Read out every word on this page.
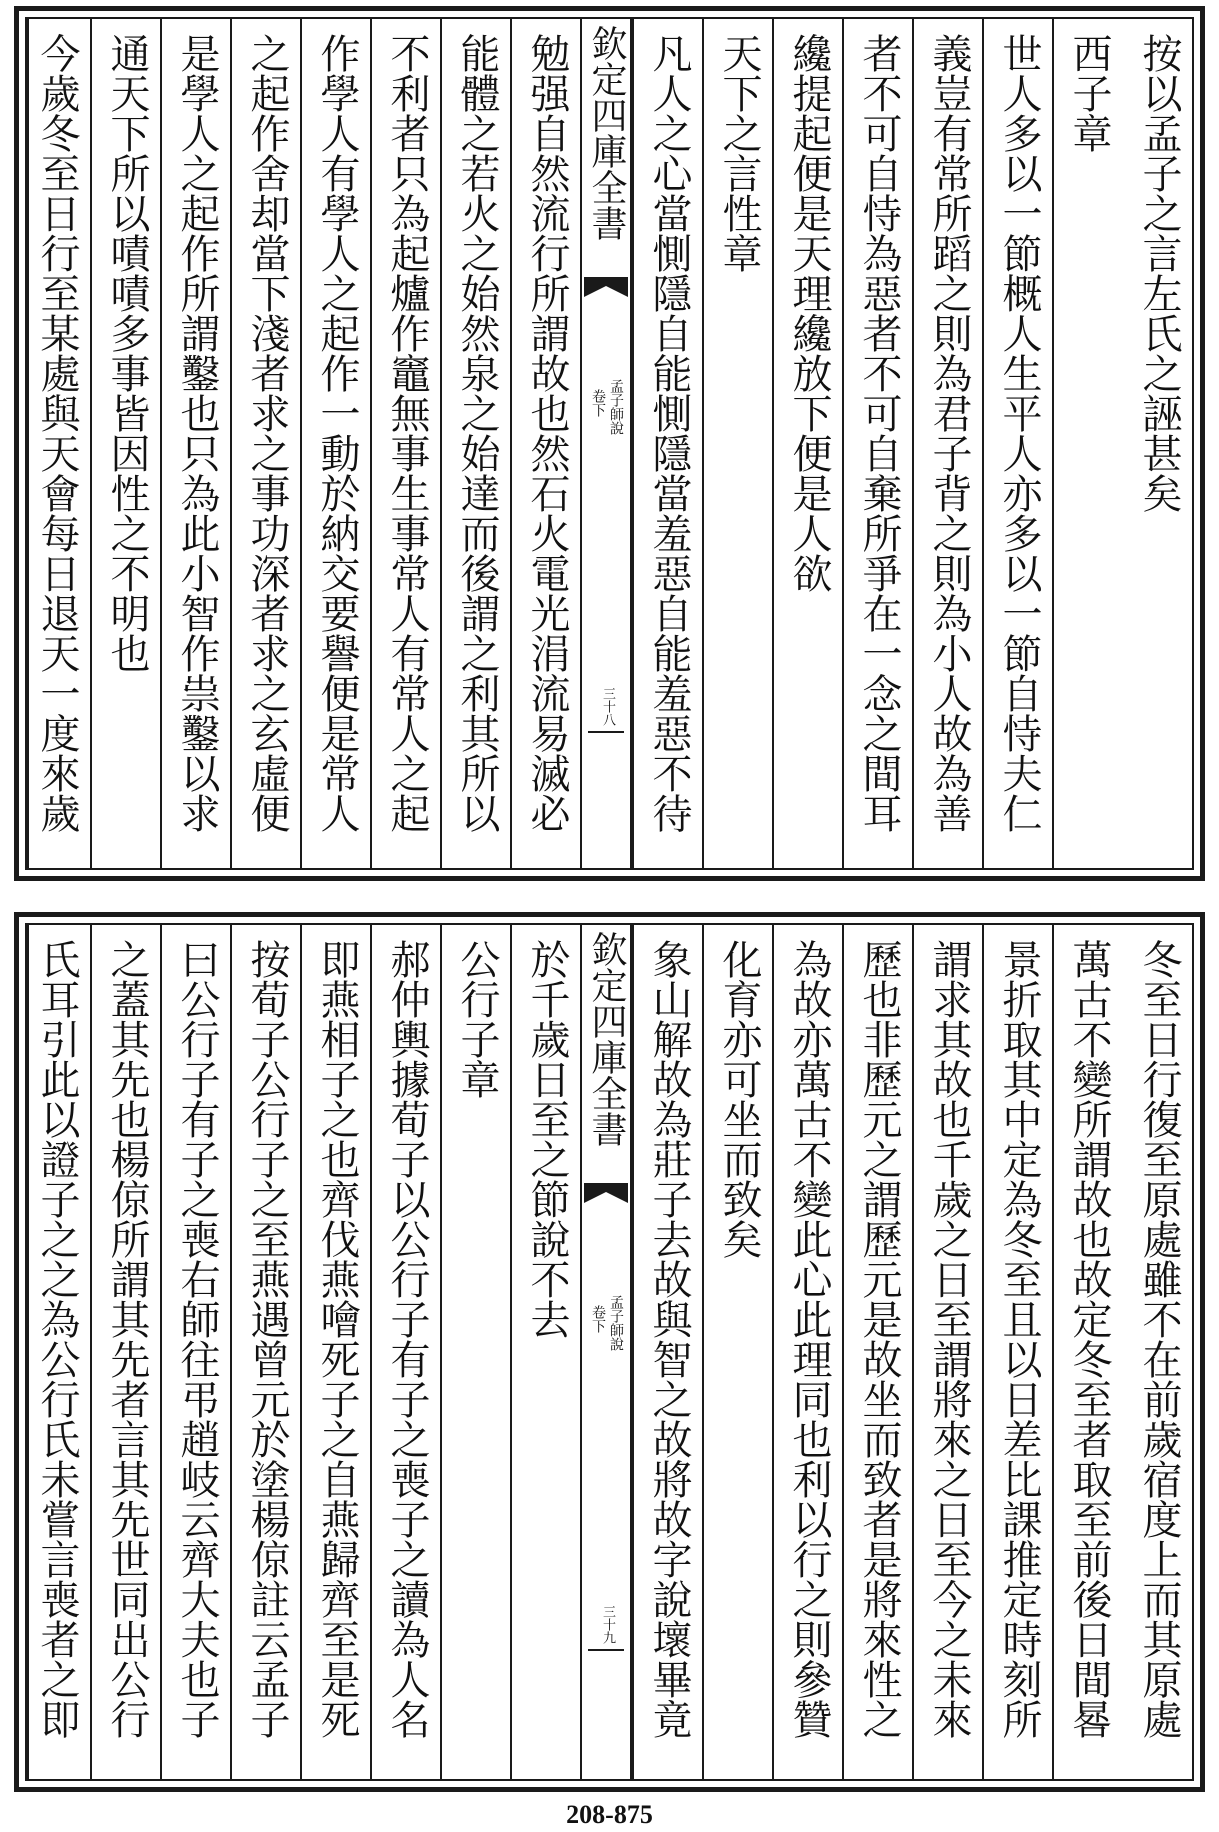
按以孟子之言左氏之誣甚矣
西子章
世人多以一節概人生平人亦多以一節自恃夫仁
義豈有常所蹈之則為君子背之則為小人故為善
者不可自恃為惡者不可自棄所爭在一念之間耳
纔提起便是天理纔放下便是人欲
天下之言性章
凡人之心當惻隱自能惻隱當羞惡自能羞惡不待
欽定四庫全書
孟子師說
卷下
三十八
勉强自然流行所謂故也然石火電光涓流易滅必
能體之若火之始然泉之始達而後謂之利其所以
不利者只為起爐作竈無事生事常人有常人之起
作學人有學人之起作一動於納交要譽便是常人
之起作舍却當下淺者求之事功深者求之玄虛便
是學人之起作所謂鑿也只為此小智作祟鑿以求
通天下所以嘖嘖多事皆因性之不明也
今歲冬至日行至某處與天會每日退天一度來歲
冬至日行復至原處雖不在前歲宿度上而其原處
萬古不變所謂故也故定冬至者取至前後日間晷
景折取其中定為冬至且以日差比課推定時刻所
謂求其故也千歲之日至謂將來之日至今之未來
歷也非歷元之謂歷元是故坐而致者是將來性之
為故亦萬古不變此心此理同也利以行之則參贊
化育亦可坐而致矣
象山解故為莊子去故與智之故將故字說壞畢竟
欽定四庫全書
孟子師說
卷下
三十九
於千歲日至之節說不去
公行子章
郝仲輿據荀子以公行子有子之喪子之讀為人名
即燕相子之也齊伐燕噲死子之自燕歸齊至是死
按荀子公行子之至燕遇曾元於塗楊倞註云孟子
曰公行子有子之喪右師往弔趙岐云齊大夫也子
之蓋其先也楊倞所謂其先者言其先世同出公行
氏耳引此以證子之之為公行氏未嘗言喪者之即
208-875
